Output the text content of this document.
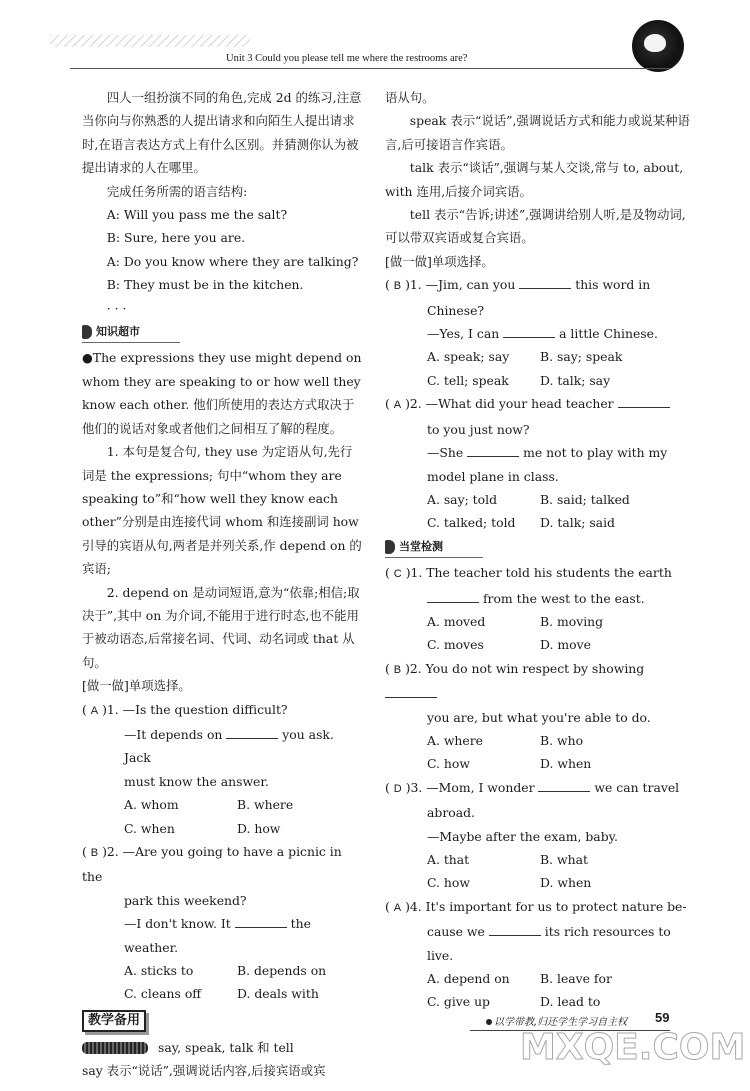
Unit 3 Could you please tell me where the restrooms are?

四人一组扮演不同的角色,完成 2d 的练习,注意当你向与你熟悉的人提出请求和向陌生人提出请求时,在语言表达方式上有什么区别。并猜测你认为被提出请求的人在哪里。

完成任务所需的语言结构:

A: Will you pass me the salt?

B: Sure, here you are.

A: Do you know where they are talking?

B: They must be in the kitchen.

· · ·

知识超市

●The expressions they use might depend on whom they are speaking to or how well they know each other. 他们所使用的表达方式取决于他们的说话对象或者他们之间相互了解的程度。

1. 本句是复合句, they use 为定语从句,先行词是 the expressions; 句中“whom they are speaking to”和“how well they know each other”分别是由连接代词 whom 和连接副词 how 引导的宾语从句,两者是并列关系,作 depend on 的宾语;

2. depend on 是动词短语,意为“依靠;相信;取决于”,其中 on 为介词,不能用于进行时态,也不能用于被动语态,后常接名词、代词、动名词或 that 从句。

[做一做]单项选择。

( A )1. —Is the question difficult?
—It depends on	you ask. Jack
must know the answer.
A. whom	B. where
C. when	D. how
( B )2. —Are you going to have a picnic in the
park this weekend?
—I don't know. It	the weather.
A. sticks to	B. depends on
C. cleans off	D. deals with
教学备用

say, speak, talk 和 tell

say 表示“说话”,强调说话内容,后接宾语或宾

语从句。

speak 表示“说话”,强调说话方式和能力或说某种语言,后可接语言作宾语。

talk 表示“谈话”,强调与某人交谈,常与 to, about, with 连用,后接介词宾语。

tell 表示“告诉;讲述”,强调讲给别人听,是及物动词,可以带双宾语或复合宾语。

[做一做]单项选择。

( B )1. —Jim, can you	this word in
Chinese?
—Yes, I can	a little Chinese.
A. speak; say	B. say; speak
C. tell; speak	D. talk; say
( A )2. —What did your head teacher
to you just now?
—She	me not to play with my
model plane in class.
A. say; told	B. said; talked
C. talked; told	D. talk; said
当堂检测
( C )1. The teacher told his students the earth
from the west to the east.
A. moved	B. moving
C. moves	D. move
( B )2. You do not win respect by showing
you are, but what you're able to do.
A. where	B. who
C. how	D. when
( D )3. —Mom, I wonder	we can travel
abroad.
—Maybe after the exam, baby.
A. that	B. what
C. how	D. when
( A )4. It's important for us to protect nature be-
cause we	its rich resources to
live.
A. depend on	B. leave for
C. give up	D. lead to
以学带教,归还学生学习自主权 59
MXQE.COM
